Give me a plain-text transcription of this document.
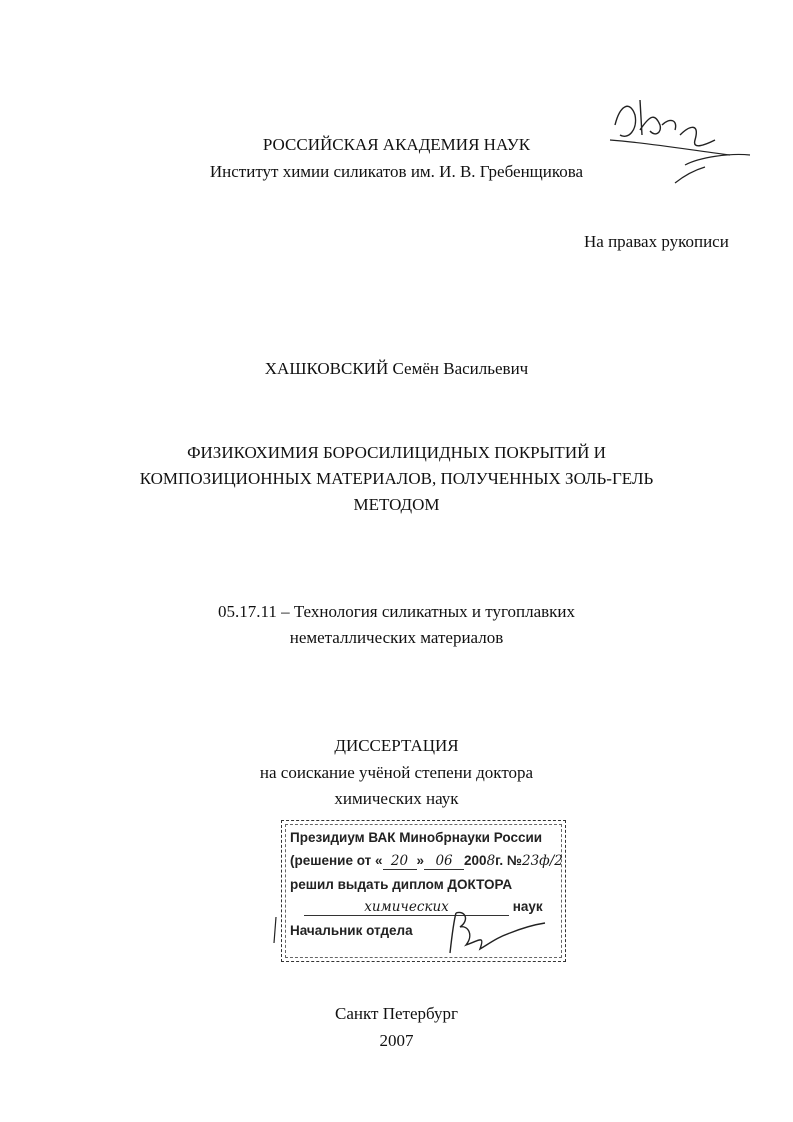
РОССИЙСКАЯ АКАДЕМИЯ НАУК
Институт химии силикатов им. И. В. Гребенщикова
На правах рукописи
ХАШКОВСКИЙ Семён Васильевич
ФИЗИКОХИМИЯ БОРОСИЛИЦИДНЫХ ПОКРЫТИЙ И
КОМПОЗИЦИОННЫХ МАТЕРИАЛОВ, ПОЛУЧЕННЫХ ЗОЛЬ-ГЕЛЬ
МЕТОДОМ
05.17.11 – Технология силикатных и тугоплавких
неметаллических материалов
ДИССЕРТАЦИЯ
на соискание учёной степени доктора
химических наук
Президиум ВАК Минобрнауки России
(решение от « 20 » 06 2008г. №23ф/2
решил выдать диплом ДОКТОРА
химических	наук
Начальник отдела
Санкт Петербург
2007
